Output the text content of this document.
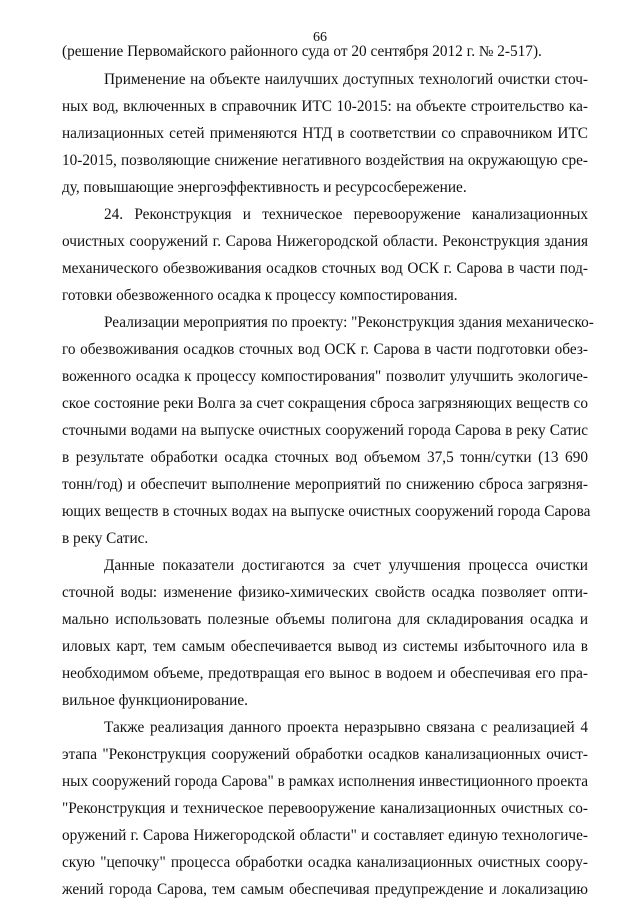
66
(решение Первомайского районного суда от 20 сентября 2012 г. № 2-517).
Применение на объекте наилучших доступных технологий очистки сточ-
ных вод, включенных в справочник ИТС 10-2015: на объекте строительство ка-
нализационных сетей применяются НТД в соответствии со справочником ИТС
10-2015, позволяющие снижение негативного воздействия на окружающую сре-
ду, повышающие энергоэффективность и ресурсосбережение.
24. Реконструкция и техническое перевооружение канализационных
очистных сооружений г. Сарова Нижегородской области. Реконструкция здания
механического обезвоживания осадков сточных вод ОСК г. Сарова в части под-
готовки обезвоженного осадка к процессу компостирования.
Реализации мероприятия по проекту: "Реконструкция здания механическо-
го обезвоживания осадков сточных вод ОСК г. Сарова в части подготовки обез-
воженного осадка к процессу компостирования" позволит улучшить экологиче-
ское состояние реки Волга за счет сокращения сброса загрязняющих веществ со
сточными водами на выпуске очистных сооружений города Сарова в реку Сатис
в результате обработки осадка сточных вод объемом 37,5 тонн/сутки (13 690
тонн/год) и обеспечит выполнение мероприятий по снижению сброса загрязня-
ющих веществ в сточных водах на выпуске очистных сооружений города Сарова
в реку Сатис.
Данные показатели достигаются за счет улучшения процесса очистки
сточной воды: изменение физико-химических свойств осадка позволяет опти-
мально использовать полезные объемы полигона для складирования осадка и
иловых карт, тем самым обеспечивается вывод из системы избыточного ила в
необходимом объеме, предотвращая его вынос в водоем и обеспечивая его пра-
вильное функционирование.
Также реализация данного проекта неразрывно связана с реализацией 4
этапа "Реконструкция сооружений обработки осадков канализационных очист-
ных сооружений города Сарова" в рамках исполнения инвестиционного проекта
"Реконструкция и техническое перевооружение канализационных очистных со-
оружений г. Сарова Нижегородской области" и составляет единую технологиче-
скую "цепочку" процесса обработки осадка канализационных очистных соору-
жений города Сарова, тем самым обеспечивая предупреждение и локализацию
